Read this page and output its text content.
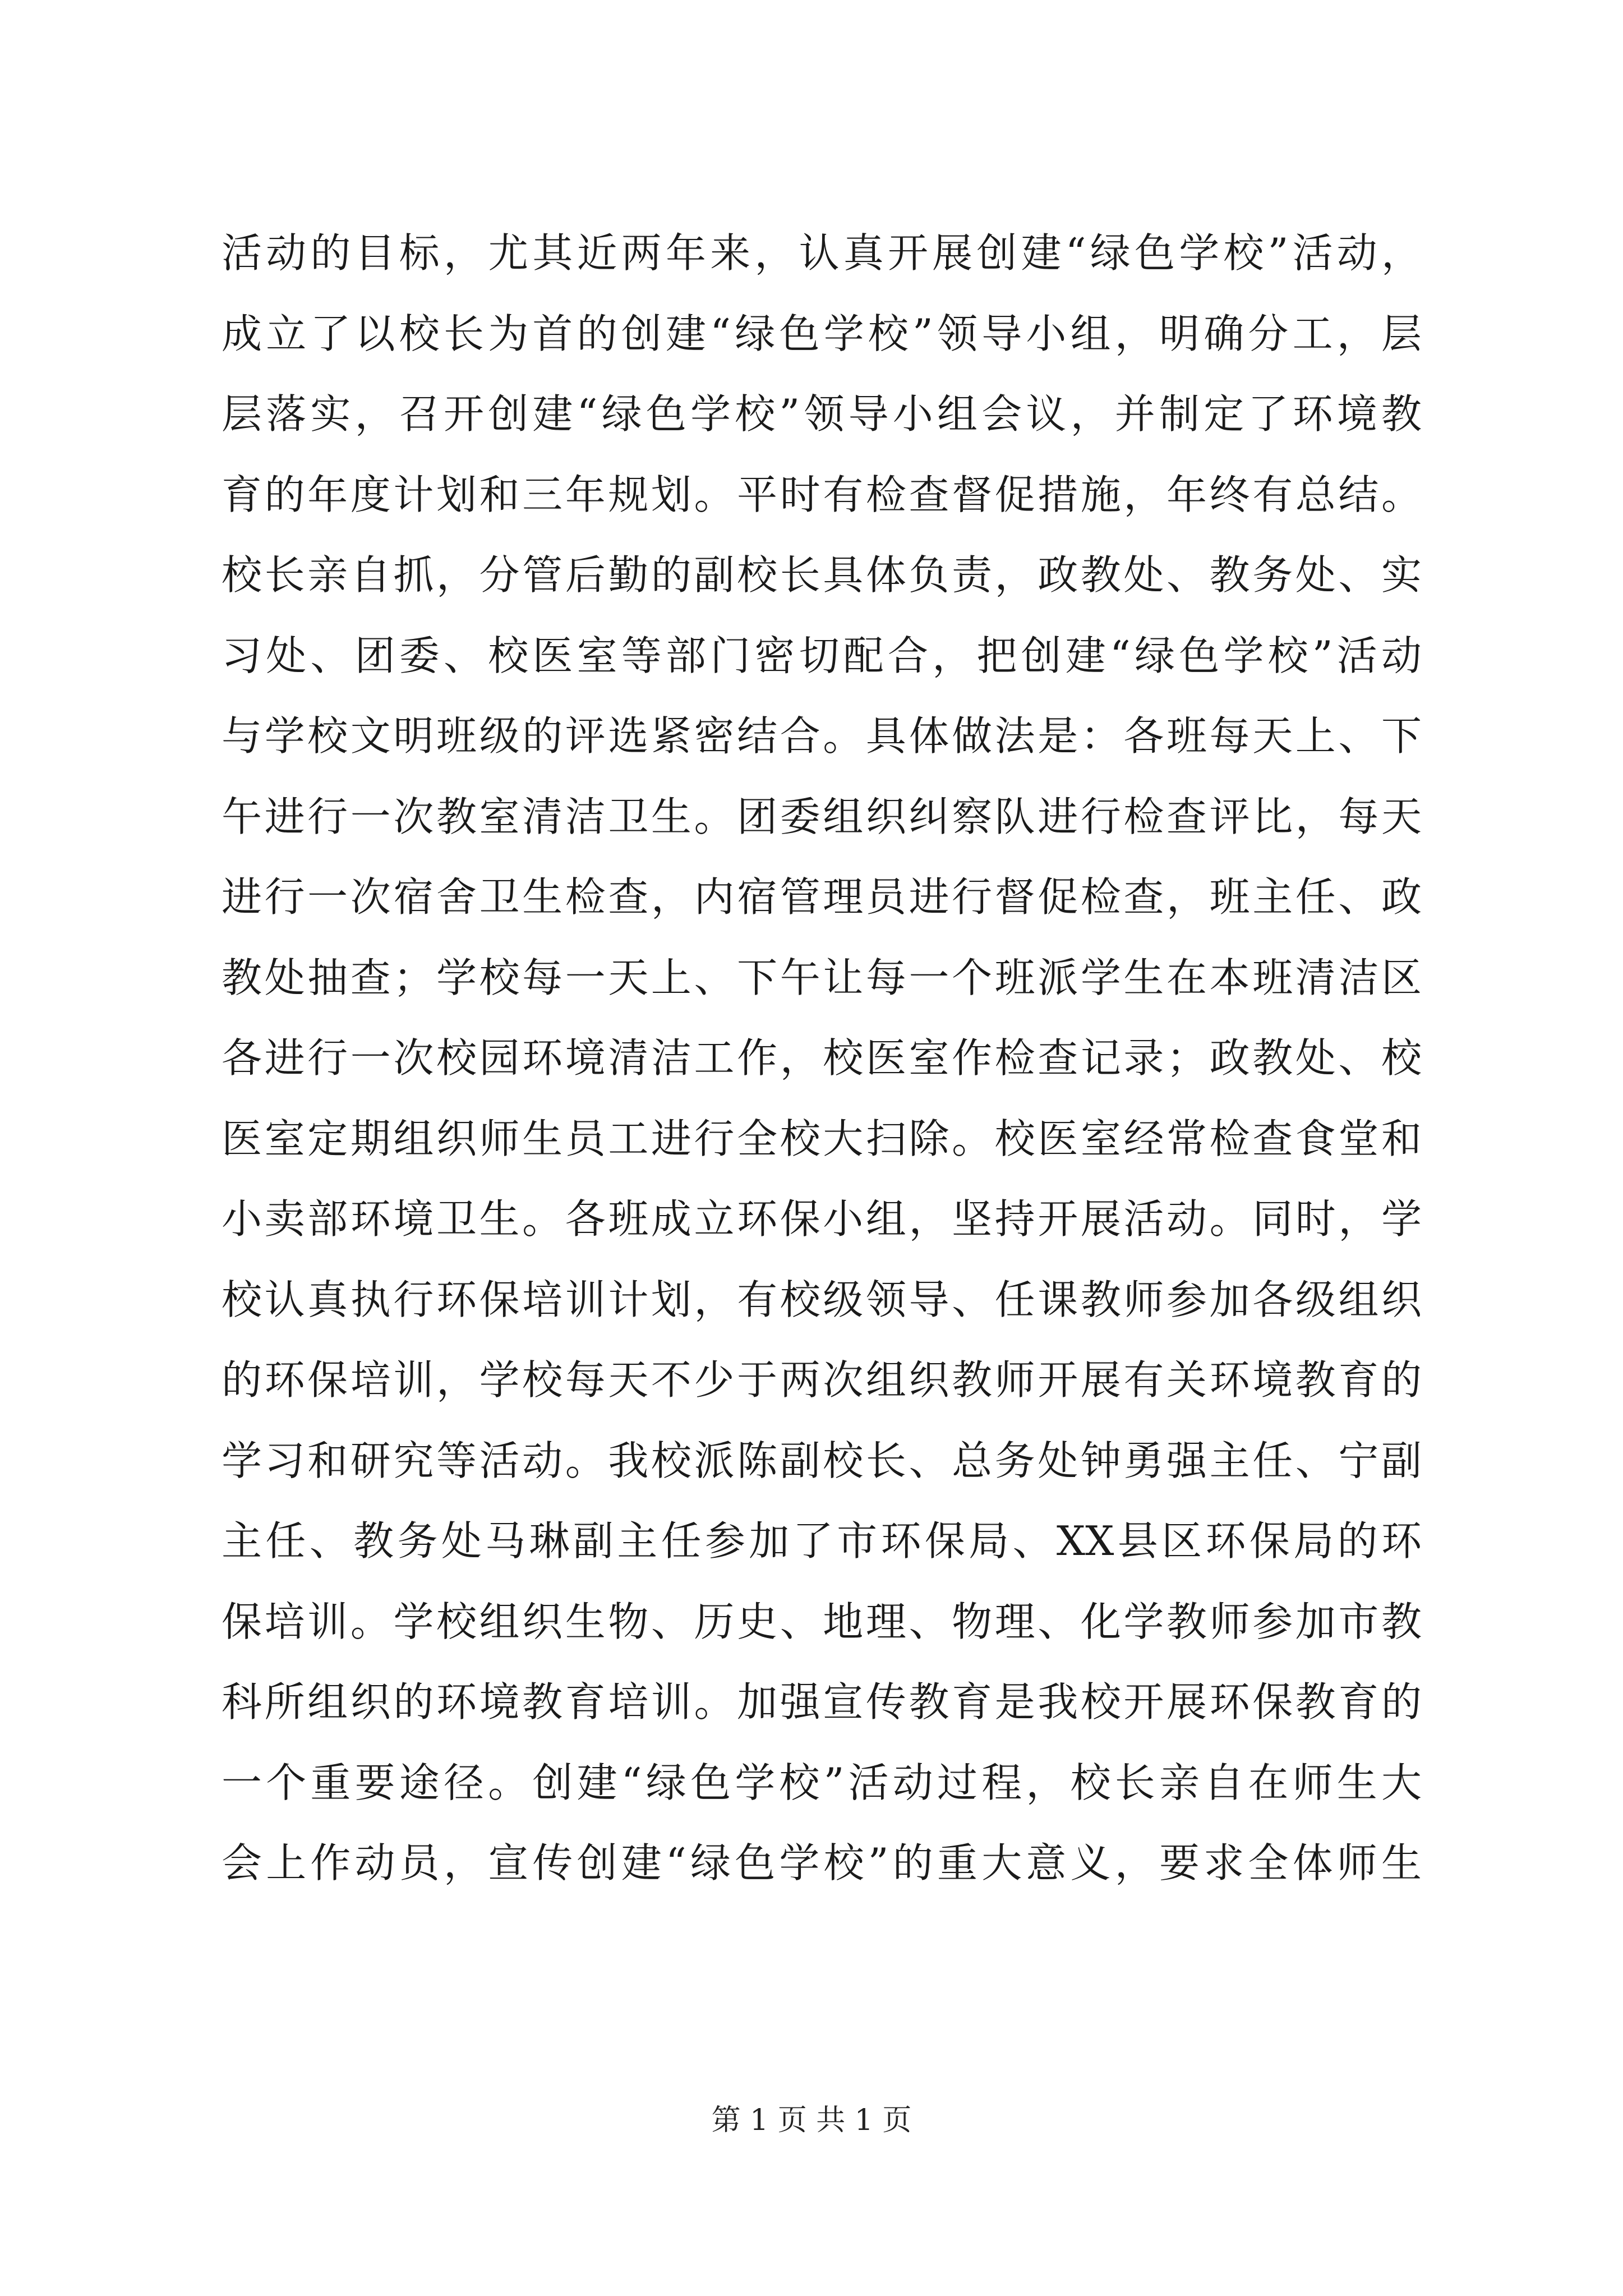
活动的目标，尤其近两年来，认真开展创建“绿色学校”活动，
成立了以校长为首的创建“绿色学校”领导小组，明确分工，层
层落实，召开创建“绿色学校”领导小组会议，并制定了环境教
育的年度计划和三年规划。平时有检查督促措施，年终有总结。
校长亲自抓，分管后勤的副校长具体负责，政教处、教务处、实
习处、团委、校医室等部门密切配合，把创建“绿色学校”活动
与学校文明班级的评选紧密结合。具体做法是：各班每天上、下
午进行一次教室清洁卫生。团委组织纠察队进行检查评比，每天
进行一次宿舍卫生检查，内宿管理员进行督促检查，班主任、政
教处抽查；学校每一天上、下午让每一个班派学生在本班清洁区
各进行一次校园环境清洁工作，校医室作检查记录；政教处、校
医室定期组织师生员工进行全校大扫除。校医室经常检查食堂和
小卖部环境卫生。各班成立环保小组，坚持开展活动。同时，学
校认真执行环保培训计划，有校级领导、任课教师参加各级组织
的环保培训，学校每天不少于两次组织教师开展有关环境教育的
学习和研究等活动。我校派陈副校长、总务处钟勇强主任、宁副
主任、教务处马琳副主任参加了市环保局、XX县区环保局的环
保培训。学校组织生物、历史、地理、物理、化学教师参加市教
科所组织的环境教育培训。加强宣传教育是我校开展环保教育的
一个重要途径。创建“绿色学校”活动过程，校长亲自在师生大
会上作动员，宣传创建“绿色学校”的重大意义，要求全体师生
第 1 页 共 1 页
